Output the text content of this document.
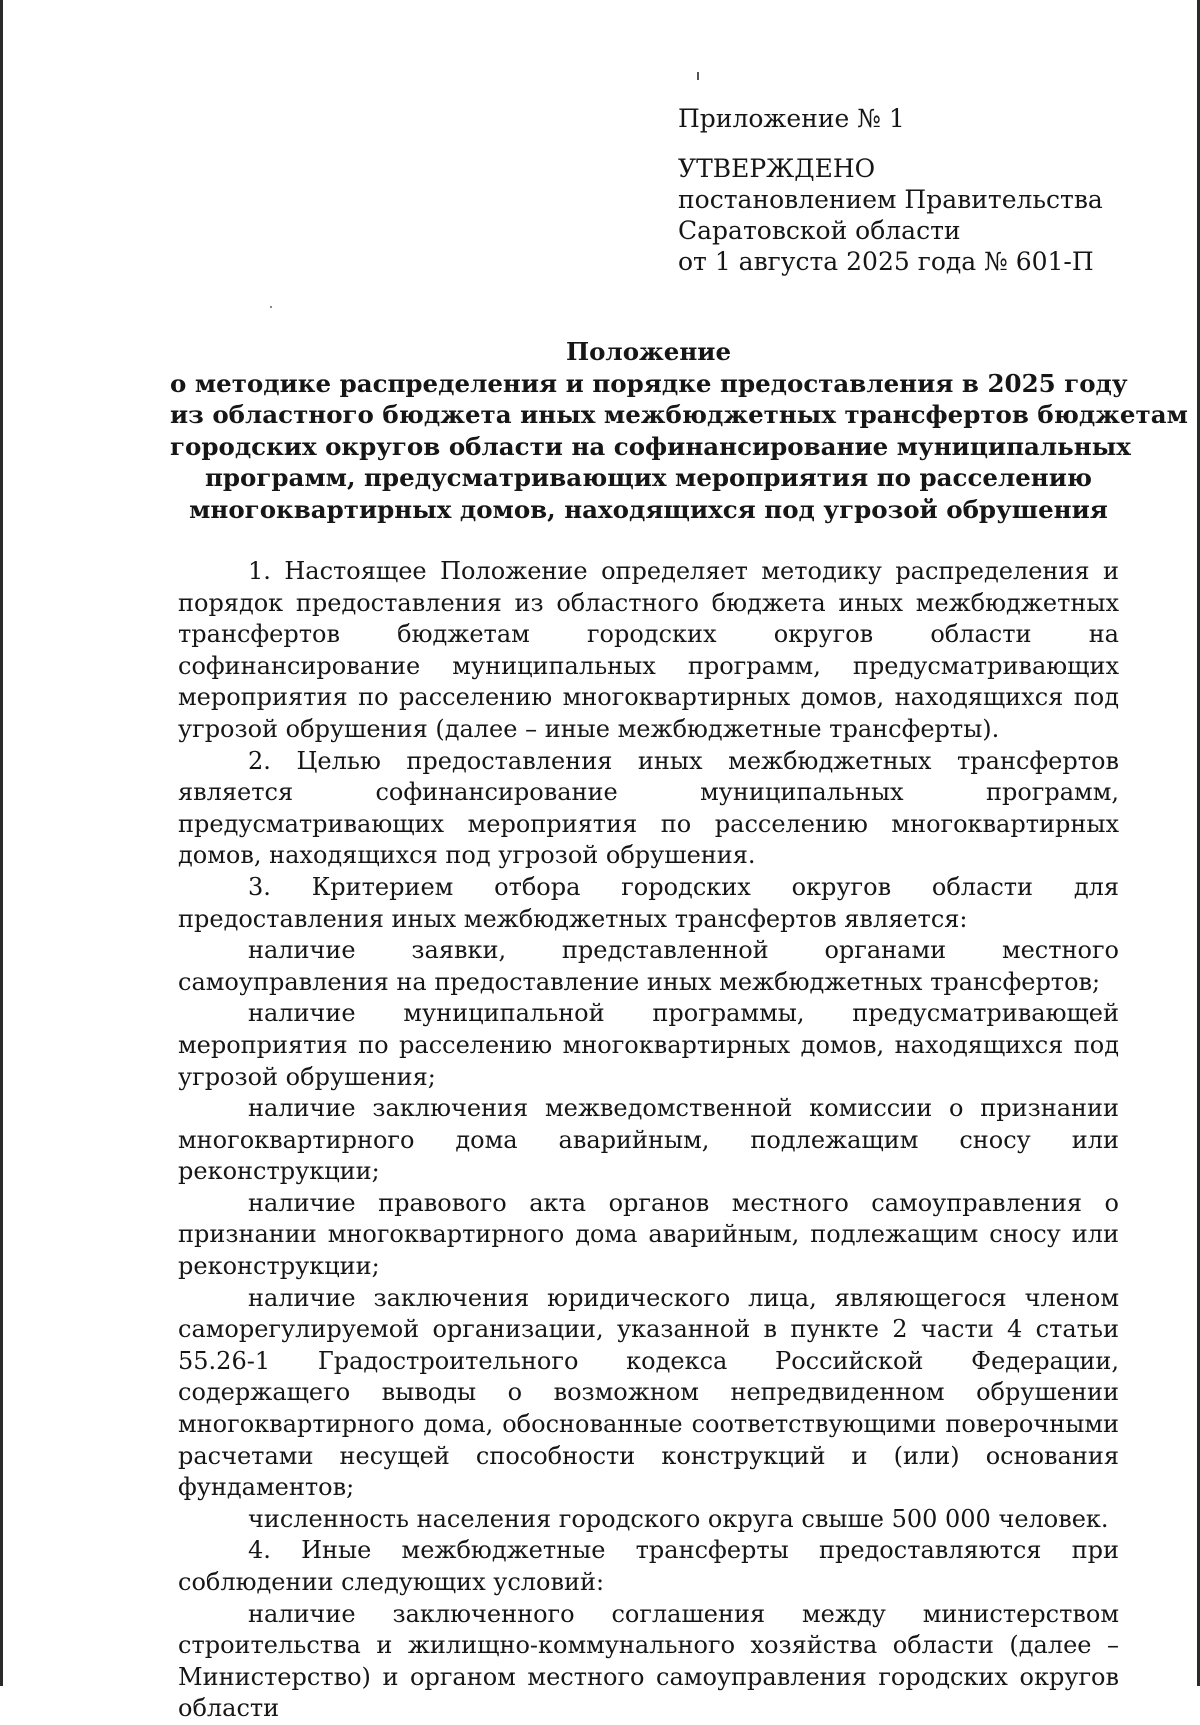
Приложение № 1
УТВЕРЖДЕНО
постановлением Правительства
Саратовской области
от 1 августа 2025 года № 601-П
Положение
о методике распределения и порядке предоставления в 2025 году
из областного бюджета иных межбюджетных трансфертов бюджетам
городских округов области на софинансирование муниципальных
программ, предусматривающих мероприятия по расселению
многоквартирных домов, находящихся под угрозой обрушения

1. Настоящее Положение определяет методику распределения и порядок предоставления из областного бюджета иных межбюджетных трансфертов бюджетам городских округов области на софинансирование муниципальных программ, предусматривающих мероприятия по расселению многоквартирных домов, находящихся под угрозой обрушения (далее – иные межбюджетные трансферты).

2. Целью предоставления иных межбюджетных трансфертов является софинансирование муниципальных программ, предусматривающих мероприятия по расселению многоквартирных домов, находящихся под угрозой обрушения.

3. Критерием отбора городских округов области для предоставления иных межбюджетных трансфертов является:

наличие заявки, представленной органами местного самоуправления на предоставление иных межбюджетных трансфертов;

наличие муниципальной программы, предусматривающей мероприятия по расселению многоквартирных домов, находящихся под угрозой обрушения;

наличие заключения межведомственной комиссии о признании многоквартирного дома аварийным, подлежащим сносу или реконструкции;

наличие правового акта органов местного самоуправления о признании многоквартирного дома аварийным, подлежащим сносу или реконструкции;

наличие заключения юридического лица, являющегося членом саморегулируемой организации, указанной в пункте 2 части 4 статьи 55.26-1 Градостроительного кодекса Российской Федерации, содержащего выводы о возможном непредвиденном обрушении многоквартирного дома, обоснованные соответствующими поверочными расчетами несущей способности конструкций и (или) основания фундаментов;

численность населения городского округа свыше 500 000 человек.

4. Иные межбюджетные трансферты предоставляются при соблюдении следующих условий:

наличие заключенного соглашения между министерством строительства и жилищно-коммунального хозяйства области (далее – Министерство) и органом местного самоуправления городских округов области
